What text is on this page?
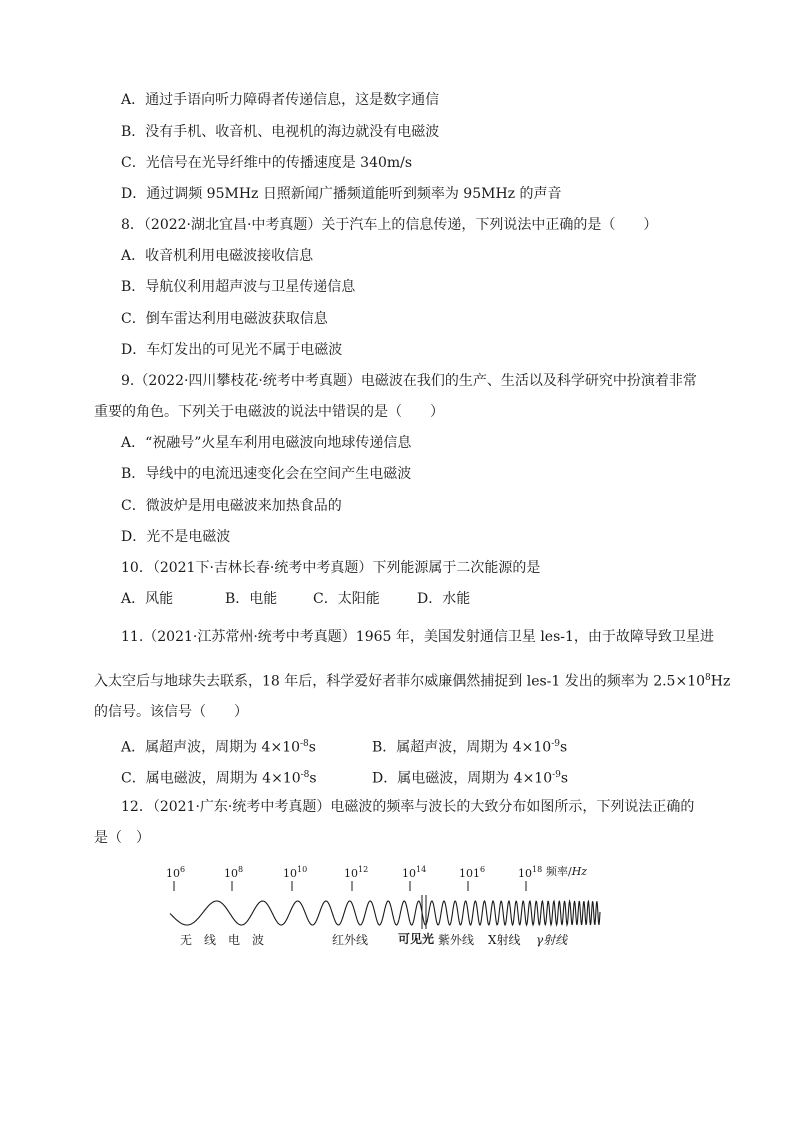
A．通过手语向听力障碍者传递信息，这是数字通信
B．没有手机、收音机、电视机的海边就没有电磁波
C．光信号在光导纤维中的传播速度是 340m/s
D．通过调频 95MHz 日照新闻广播频道能听到频率为 95MHz 的声音
8．（2022·湖北宜昌·中考真题）关于汽车上的信息传递，下列说法中正确的是（　　）
A．收音机利用电磁波接收信息
B．导航仪利用超声波与卫星传递信息
C．倒车雷达利用电磁波获取信息
D．车灯发出的可见光不属于电磁波
9.（2022·四川攀枝花·统考中考真题）电磁波在我们的生产、生活以及科学研究中扮演着非常
重要的角色。下列关于电磁波的说法中错误的是（　　）
A．“祝融号”火星车利用电磁波向地球传递信息
B．导线中的电流迅速变化会在空间产生电磁波
C．微波炉是用电磁波来加热食品的
D．光不是电磁波
10．（2021下·吉林长春·统考中考真题）下列能源属于二次能源的是
A．风能	B．电能	C．太阳能	D．水能
11.（2021·江苏常州·统考中考真题）1965 年，美国发射通信卫星 les-1，由于故障导致卫星进
入太空后与地球失去联系，18 年后，科学爱好者菲尔威廉偶然捕捉到 les-1 发出的频率为 $2.5\times 10^8Hz$
的信号。该信号（　　）
A．属超声波，周期为 $4\times 10^{-8}s$	B．属超声波，周期为 $4\times 10^{-9}s$
C．属电磁波，周期为 $4\times 10^{-8}s$	D．属电磁波，周期为 $4\times 10^{-9}s$
12．（2021·广东·统考中考真题）电磁波的频率与波长的大致分布如图所示，下列说法正确的
是（　）
$10^6$	$10^8$	$10^{10}$	$10^{12}$	$10^{14}$	$101^6$	$10^{18}$ 频率/Hz
无　线　电　波	红外线 可见光 紫外线 X射线 γ射线
